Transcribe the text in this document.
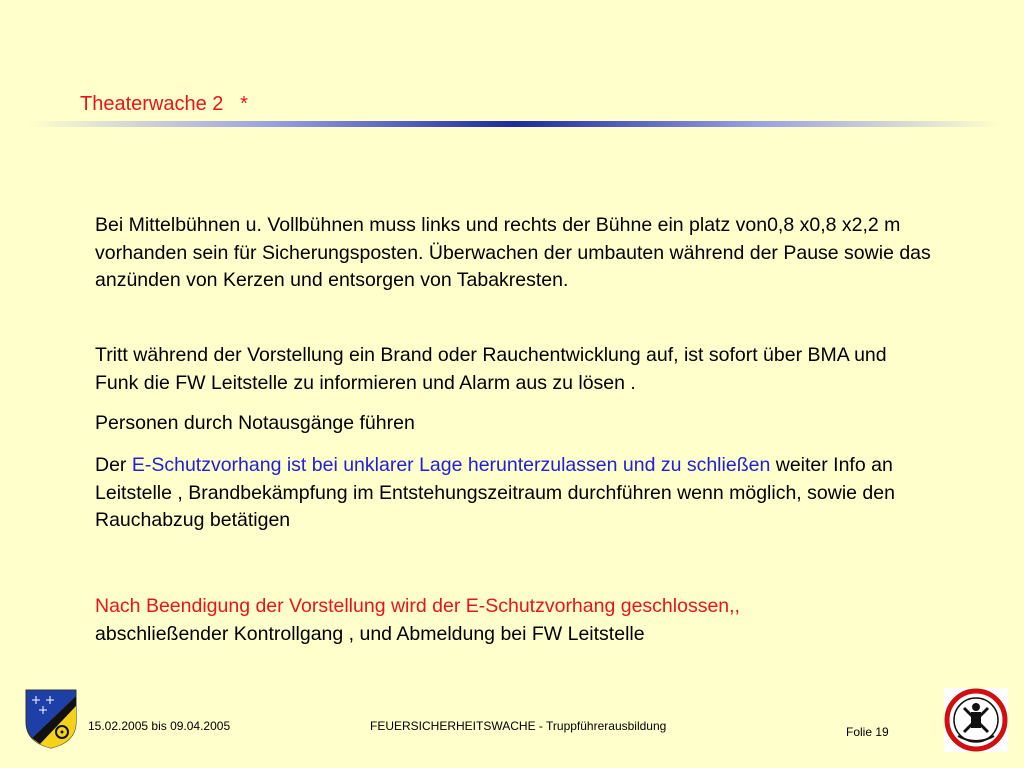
Theaterwache 2   *
Bei Mittelbühnen u. Vollbühnen muss links und rechts der Bühne ein platz von0,8 x0,8 x2,2 m vorhanden sein für Sicherungsposten. Überwachen der umbauten während der Pause sowie das anzünden von Kerzen und entsorgen von Tabakresten.
Tritt während der Vorstellung ein Brand oder Rauchentwicklung auf, ist sofort über BMA und Funk die FW Leitstelle zu informieren und Alarm aus zu lösen .
Personen durch Notausgänge führen
Der E-Schutzvorhang ist bei unklarer Lage herunterzulassen und zu schließen weiter Info an Leitstelle , Brandbekämpfung im Entstehungszeitraum durchführen wenn möglich, sowie den Rauchabzug betätigen
Nach Beendigung der Vorstellung wird der E-Schutzvorhang geschlossen,,
abschließender Kontrollgang , und Abmeldung bei FW Leitstelle
15.02.2005 bis 09.04.2005	FEUERSICHERHEITSWACHE - Truppführerausbildung	Folie 19
